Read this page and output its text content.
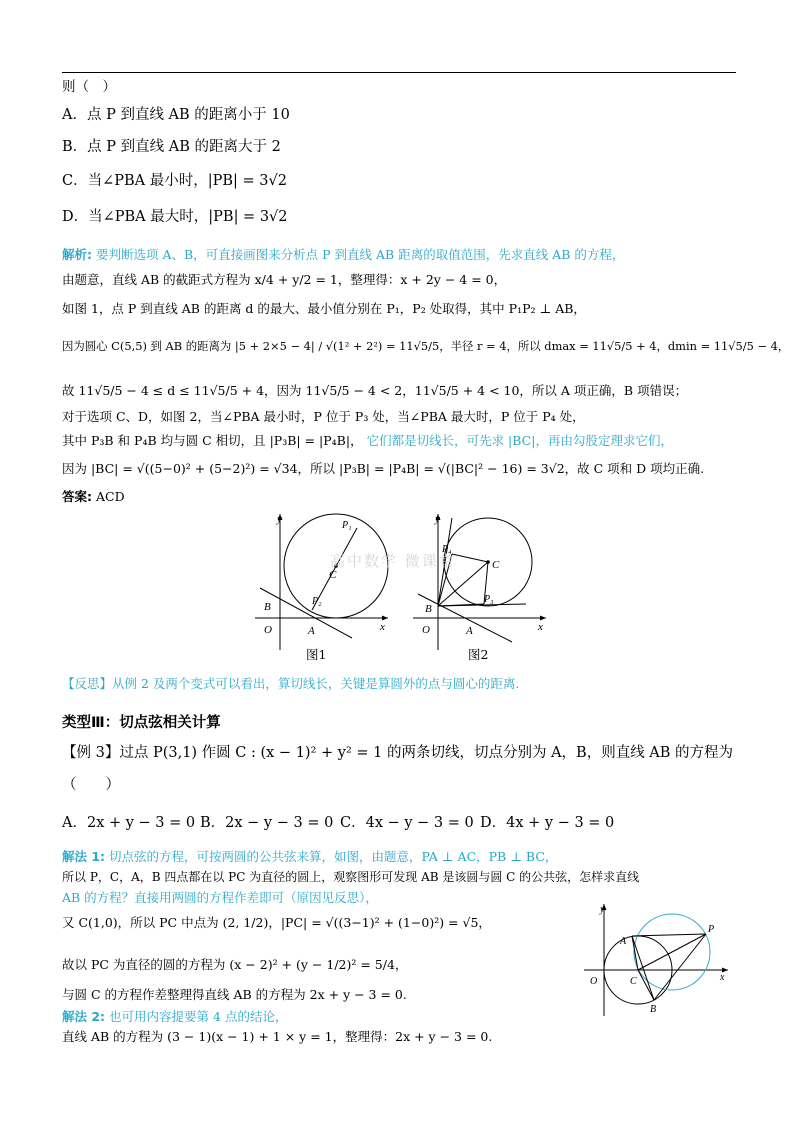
则（　）
A．点 P 到直线 AB 的距离小于 10
B．点 P 到直线 AB 的距离大于 2
C．当∠PBA 最小时，|PB| = 3√2
D．当∠PBA 最大时，|PB| = 3√2
解析: 要判断选项 A、B，可直接画图来分析点 P 到直线 AB 距离的取值范围，先求直线 AB 的方程，
由题意，直线 AB 的截距式方程为 x/4 + y/2 = 1，整理得：x + 2y − 4 = 0，
如图 1，点 P 到直线 AB 的距离 d 的最大、最小值分别在 P₁，P₂ 处取得，其中 P₁P₂ ⊥ AB，
因为圆心 C(5,5) 到 AB 的距离为 |5 + 2×5 − 4| / √(1² + 2²) = 11√5/5，半径 r = 4，所以 dmax = 11√5/5 + 4，dmin = 11√5/5 − 4，
故 11√5/5 − 4 ≤ d ≤ 11√5/5 + 4，因为 11√5/5 − 4 < 2，11√5/5 + 4 < 10，所以 A 项正确，B 项错误；
对于选项 C、D，如图 2，当∠PBA 最小时，P 位于 P₃ 处，当∠PBA 最大时，P 位于 P₄ 处，
其中 P₃B 和 P₄B 均与圆 C 相切，且 |P₃B| = |P₄B|， 它们都是切线长，可先求 |BC|，再由勾股定理求它们，
因为 |BC| = √((5−0)² + (5−2)²) = √34，所以 |P₃B| = |P₄B| = √(|BC|² − 16) = 3√2，故 C 项和 D 项均正确.
答案: ACD
y
x
O	A
B
C
P₁
P₂
图1
y
x
O	A
B
C
P₄
P₃
图2
高中数学 微课堂
【反思】从例 2 及两个变式可以看出，算切线长，关键是算圆外的点与圆心的距离.
类型Ⅲ：切点弦相关计算
【例 3】过点 P(3,1) 作圆 C : (x − 1)² + y² = 1 的两条切线，切点分别为 A，B，则直线 AB 的方程为
（　　）
A．2x + y − 3 = 0 B．2x − y − 3 = 0 C．4x − y − 3 = 0 D．4x + y − 3 = 0
解法 1: 切点弦的方程，可按两圆的公共弦来算，如图，由题意，PA ⊥ AC，PB ⊥ BC，
所以 P，C，A，B 四点都在以 PC 为直径的圆上，观察图形可发现 AB 是该圆与圆 C 的公共弦，怎样求直线
AB 的方程？直接用两圆的方程作差即可（原因见反思），
又 C(1,0)，所以 PC 中点为 (2, 1/2)，|PC| = √((3−1)² + (1−0)²) = √5，
故以 PC 为直径的圆的方程为 (x − 2)² + (y − 1/2)² = 5/4，
与圆 C 的方程作差整理得直线 AB 的方程为 2x + y − 3 = 0.
解法 2: 也可用内容提要第 4 点的结论，
直线 AB 的方程为 (3 − 1)(x − 1) + 1 × y = 1，整理得：2x + y − 3 = 0.
y
x
O
A
B
C
P
